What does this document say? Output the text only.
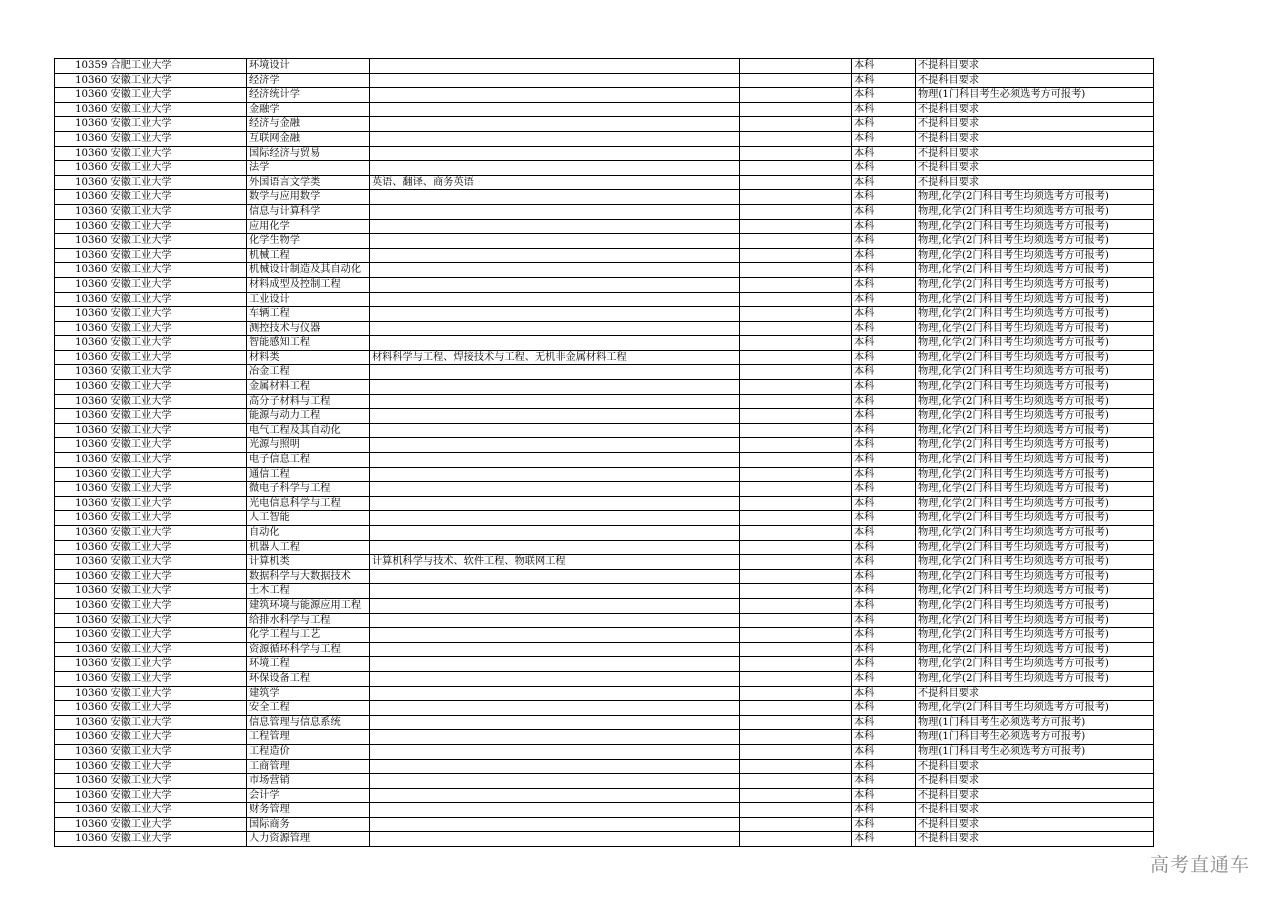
10359	合肥工业大学	环境设计			本科	不提科目要求
10360	安徽工业大学	经济学			本科	不提科目要求
10360	安徽工业大学	经济统计学			本科	物理(1门科目考生必须选考方可报考)
10360	安徽工业大学	金融学			本科	不提科目要求
10360	安徽工业大学	经济与金融			本科	不提科目要求
10360	安徽工业大学	互联网金融			本科	不提科目要求
10360	安徽工业大学	国际经济与贸易			本科	不提科目要求
10360	安徽工业大学	法学			本科	不提科目要求
10360	安徽工业大学	外国语言文学类	英语、翻译、商务英语		本科	不提科目要求
10360	安徽工业大学	数学与应用数学			本科	物理,化学(2门科目考生均须选考方可报考)
10360	安徽工业大学	信息与计算科学			本科	物理,化学(2门科目考生均须选考方可报考)
10360	安徽工业大学	应用化学			本科	物理,化学(2门科目考生均须选考方可报考)
10360	安徽工业大学	化学生物学			本科	物理,化学(2门科目考生均须选考方可报考)
10360	安徽工业大学	机械工程			本科	物理,化学(2门科目考生均须选考方可报考)
10360	安徽工业大学	机械设计制造及其自动化			本科	物理,化学(2门科目考生均须选考方可报考)
10360	安徽工业大学	材料成型及控制工程			本科	物理,化学(2门科目考生均须选考方可报考)
10360	安徽工业大学	工业设计			本科	物理,化学(2门科目考生均须选考方可报考)
10360	安徽工业大学	车辆工程			本科	物理,化学(2门科目考生均须选考方可报考)
10360	安徽工业大学	测控技术与仪器			本科	物理,化学(2门科目考生均须选考方可报考)
10360	安徽工业大学	智能感知工程			本科	物理,化学(2门科目考生均须选考方可报考)
10360	安徽工业大学	材料类	材料科学与工程、焊接技术与工程、无机非金属材料工程		本科	物理,化学(2门科目考生均须选考方可报考)
10360	安徽工业大学	冶金工程			本科	物理,化学(2门科目考生均须选考方可报考)
10360	安徽工业大学	金属材料工程			本科	物理,化学(2门科目考生均须选考方可报考)
10360	安徽工业大学	高分子材料与工程			本科	物理,化学(2门科目考生均须选考方可报考)
10360	安徽工业大学	能源与动力工程			本科	物理,化学(2门科目考生均须选考方可报考)
10360	安徽工业大学	电气工程及其自动化			本科	物理,化学(2门科目考生均须选考方可报考)
10360	安徽工业大学	光源与照明			本科	物理,化学(2门科目考生均须选考方可报考)
10360	安徽工业大学	电子信息工程			本科	物理,化学(2门科目考生均须选考方可报考)
10360	安徽工业大学	通信工程			本科	物理,化学(2门科目考生均须选考方可报考)
10360	安徽工业大学	微电子科学与工程			本科	物理,化学(2门科目考生均须选考方可报考)
10360	安徽工业大学	光电信息科学与工程			本科	物理,化学(2门科目考生均须选考方可报考)
10360	安徽工业大学	人工智能			本科	物理,化学(2门科目考生均须选考方可报考)
10360	安徽工业大学	自动化			本科	物理,化学(2门科目考生均须选考方可报考)
10360	安徽工业大学	机器人工程			本科	物理,化学(2门科目考生均须选考方可报考)
10360	安徽工业大学	计算机类	计算机科学与技术、软件工程、物联网工程		本科	物理,化学(2门科目考生均须选考方可报考)
10360	安徽工业大学	数据科学与大数据技术			本科	物理,化学(2门科目考生均须选考方可报考)
10360	安徽工业大学	土木工程			本科	物理,化学(2门科目考生均须选考方可报考)
10360	安徽工业大学	建筑环境与能源应用工程			本科	物理,化学(2门科目考生均须选考方可报考)
10360	安徽工业大学	给排水科学与工程			本科	物理,化学(2门科目考生均须选考方可报考)
10360	安徽工业大学	化学工程与工艺			本科	物理,化学(2门科目考生均须选考方可报考)
10360	安徽工业大学	资源循环科学与工程			本科	物理,化学(2门科目考生均须选考方可报考)
10360	安徽工业大学	环境工程			本科	物理,化学(2门科目考生均须选考方可报考)
10360	安徽工业大学	环保设备工程			本科	物理,化学(2门科目考生均须选考方可报考)
10360	安徽工业大学	建筑学			本科	不提科目要求
10360	安徽工业大学	安全工程			本科	物理,化学(2门科目考生均须选考方可报考)
10360	安徽工业大学	信息管理与信息系统			本科	物理(1门科目考生必须选考方可报考)
10360	安徽工业大学	工程管理			本科	物理(1门科目考生必须选考方可报考)
10360	安徽工业大学	工程造价			本科	物理(1门科目考生必须选考方可报考)
10360	安徽工业大学	工商管理			本科	不提科目要求
10360	安徽工业大学	市场营销			本科	不提科目要求
10360	安徽工业大学	会计学			本科	不提科目要求
10360	安徽工业大学	财务管理			本科	不提科目要求
10360	安徽工业大学	国际商务			本科	不提科目要求
10360	安徽工业大学	人力资源管理			本科	不提科目要求
高考直通车
